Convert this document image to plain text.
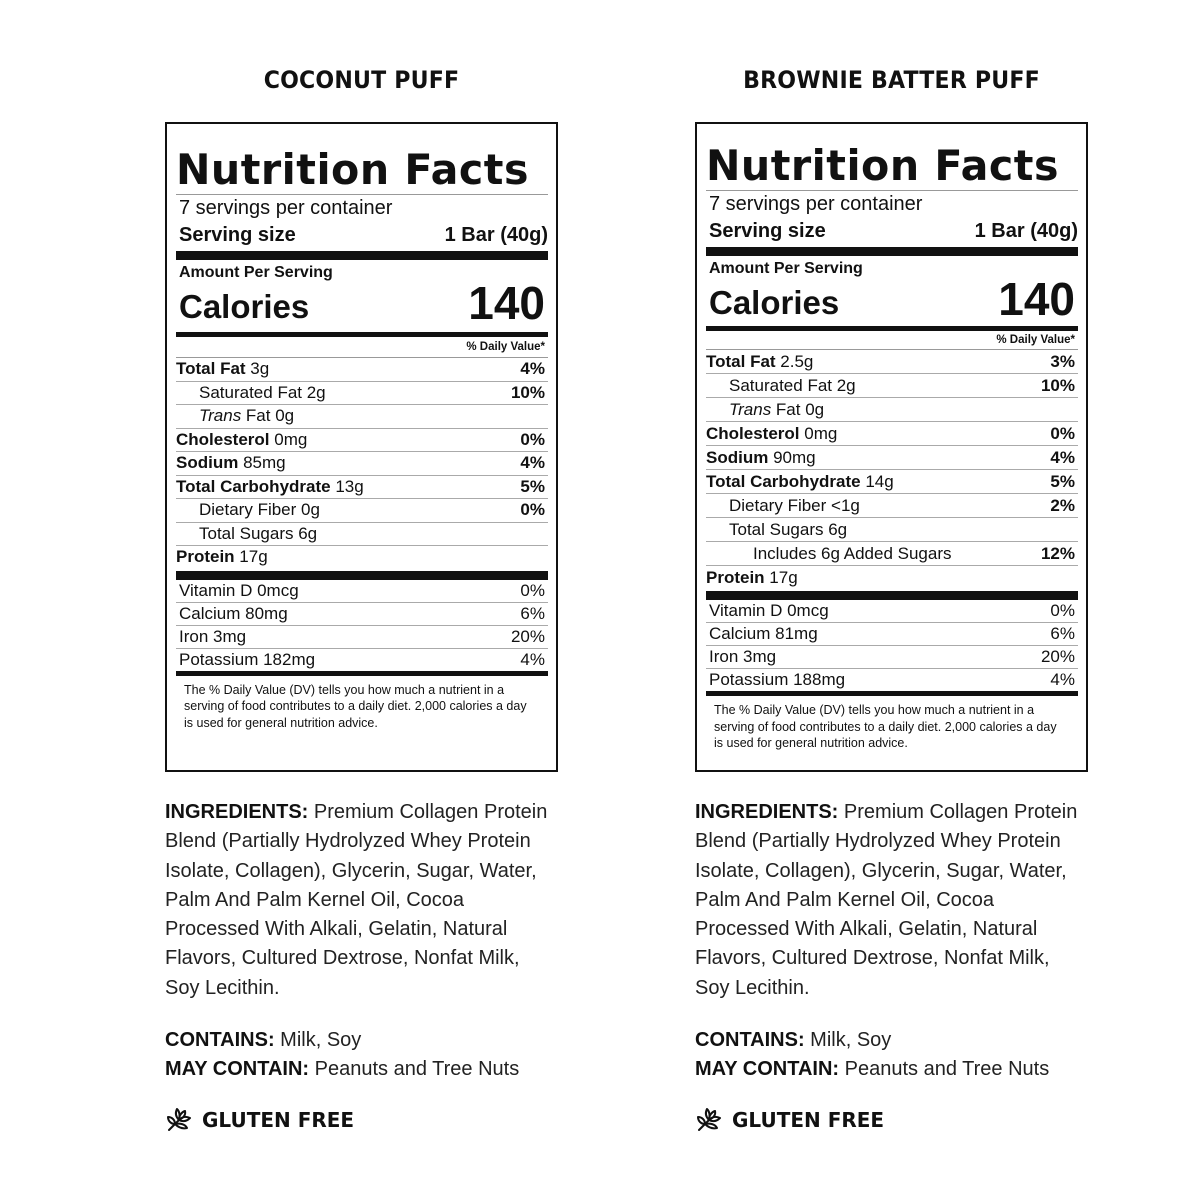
COCONUT PUFF
Nutrition Facts
7 servings per container
Serving size	1 Bar (40g)
Amount Per Serving
Calories	140
% Daily Value*
Total Fat 3g	4%
Saturated Fat 2g	10%
Trans Fat 0g
Cholesterol 0mg	0%
Sodium 85mg	4%
Total Carbohydrate 13g	5%
Dietary Fiber 0g	0%
Total Sugars 6g
Protein 17g
Vitamin D 0mcg	0%
Calcium 80mg	6%
Iron 3mg	20%
Potassium 182mg	4%
The % Daily Value (DV) tells you how much a nutrient in a serving of food contributes to a daily diet. 2,000 calories a day is used for general nutrition advice.
INGREDIENTS: Premium Collagen Protein
Blend (Partially Hydrolyzed Whey Protein
Isolate, Collagen), Glycerin, Sugar, Water,
Palm And Palm Kernel Oil, Cocoa
Processed With Alkali, Gelatin, Natural
Flavors, Cultured Dextrose, Nonfat Milk,
Soy Lecithin.
CONTAINS: Milk, Soy
MAY CONTAIN: Peanuts and Tree Nuts
GLUTEN FREE
BROWNIE BATTER PUFF
Nutrition Facts
7 servings per container
Serving size	1 Bar (40g)
Amount Per Serving
Calories	140
% Daily Value*
Total Fat 2.5g	3%
Saturated Fat 2g	10%
Trans Fat 0g
Cholesterol 0mg	0%
Sodium 90mg	4%
Total Carbohydrate 14g	5%
Dietary Fiber <1g	2%
Total Sugars 6g
Includes 6g Added Sugars	12%
Protein 17g
Vitamin D 0mcg	0%
Calcium 81mg	6%
Iron 3mg	20%
Potassium 188mg	4%
The % Daily Value (DV) tells you how much a nutrient in a serving of food contributes to a daily diet. 2,000 calories a day is used for general nutrition advice.
INGREDIENTS: Premium Collagen Protein
Blend (Partially Hydrolyzed Whey Protein
Isolate, Collagen), Glycerin, Sugar, Water,
Palm And Palm Kernel Oil, Cocoa
Processed With Alkali, Gelatin, Natural
Flavors, Cultured Dextrose, Nonfat Milk,
Soy Lecithin.
CONTAINS: Milk, Soy
MAY CONTAIN: Peanuts and Tree Nuts
GLUTEN FREE
